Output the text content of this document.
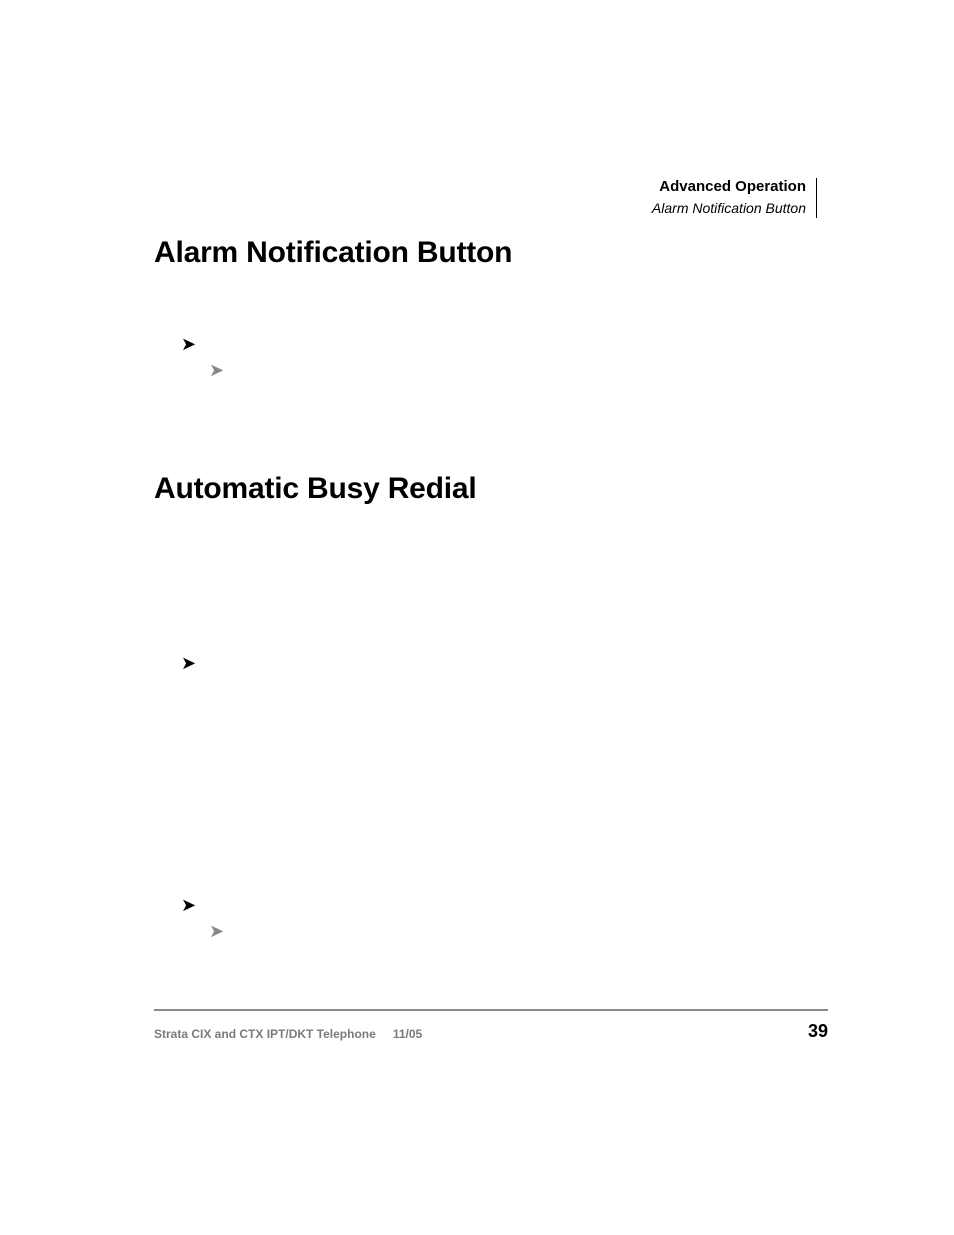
Advanced Operation
Alarm Notification Button
Alarm Notification Button
➤
➤
Automatic Busy Redial
➤
➤
➤
Strata CIX and CTX IPT/DKT Telephone 11/05	39
